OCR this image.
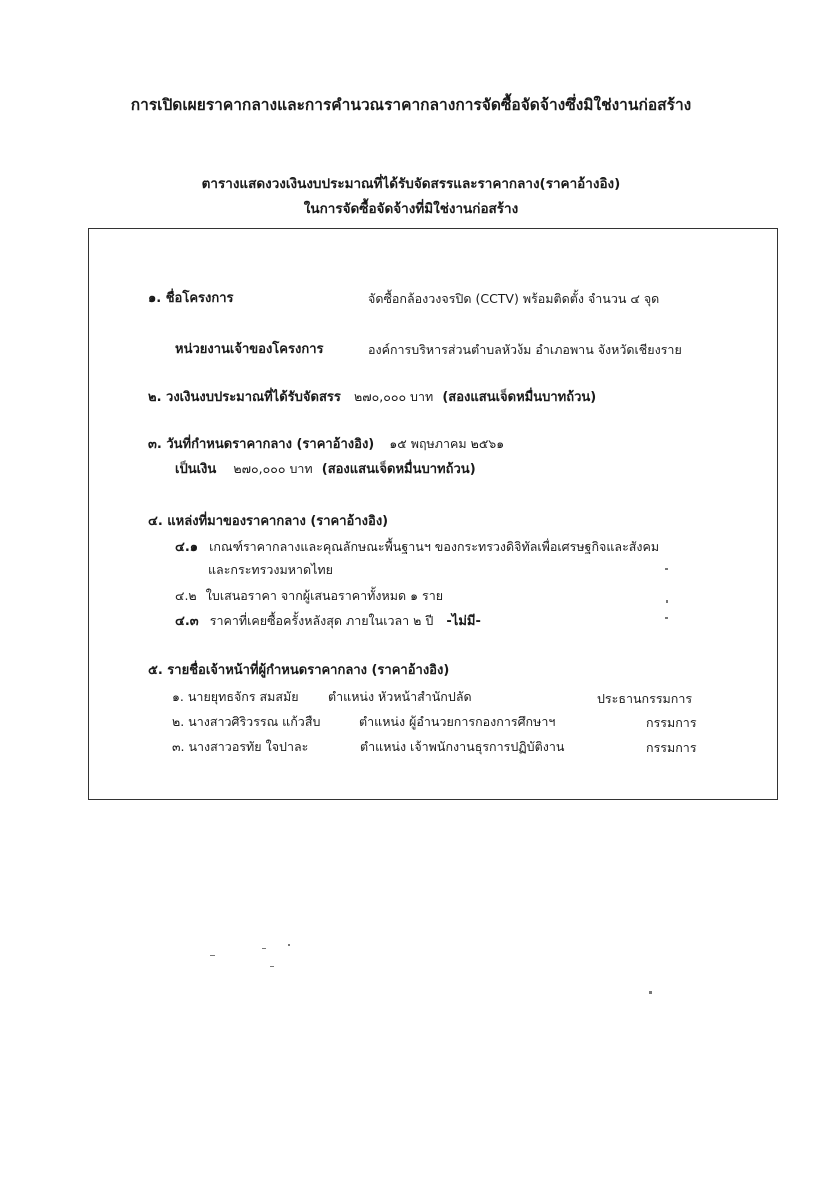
การเปิดเผยราคากลางและการคำนวณราคากลางการจัดซื้อจัดจ้างซึ่งมิใช่งานก่อสร้าง
ตารางแสดงวงเงินงบประมาณที่ได้รับจัดสรรและราคากลาง(ราคาอ้างอิง)
ในการจัดซื้อจัดจ้างที่มิใช่งานก่อสร้าง
๑. ชื่อโครงการ	จัดซื้อกล้องวงจรปิด (CCTV) พร้อมติดตั้ง จำนวน ๔ จุด
หน่วยงานเจ้าของโครงการ	องค์การบริหารส่วนตำบลหัวง้ม อำเภอพาน จังหวัดเชียงราย
๒. วงเงินงบประมาณที่ได้รับจัดสรร ๒๗๐,๐๐๐ บาท (สองแสนเจ็ดหมื่นบาทถ้วน)
๓. วันที่กำหนดราคากลาง (ราคาอ้างอิง) ๑๕ พฤษภาคม ๒๕๖๑
เป็นเงิน ๒๗๐,๐๐๐ บาท (สองแสนเจ็ดหมื่นบาทถ้วน)
๔. แหล่งที่มาของราคากลาง (ราคาอ้างอิง)
๔.๑ เกณฑ์ราคากลางและคุณลักษณะพื้นฐานฯ ของกระทรวงดิจิทัลเพื่อเศรษฐกิจและสังคม
และกระทรวงมหาดไทย
๔.๒ ใบเสนอราคา จากผู้เสนอราคาทั้งหมด ๑ ราย
๔.๓ ราคาที่เคยซื้อครั้งหลังสุด ภายในเวลา ๒ ปี -ไม่มี-
๕. รายชื่อเจ้าหน้าที่ผู้กำหนดราคากลาง (ราคาอ้างอิง)
๑. นายยุทธจักร สมสมัย ตำแหน่ง หัวหน้าสำนักปลัด	ประธานกรรมการ
๒. นางสาวศิริวรรณ แก้วสืบ	ตำแหน่ง ผู้อำนวยการกองการศึกษาฯ	กรรมการ
๓. นางสาวอรทัย ใจปาละ	ตำแหน่ง เจ้าพนักงานธุรการปฏิบัติงาน	กรรมการ
